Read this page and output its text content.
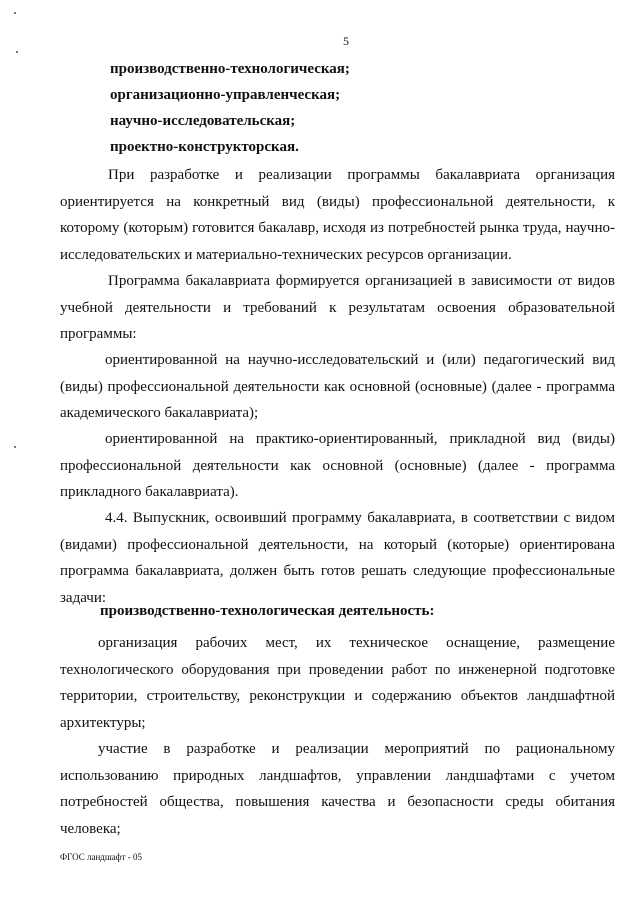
5
производственно-технологическая;
организационно-управленческая;
научно-исследовательская;
проектно-конструкторская.
При разработке и реализации программы бакалавриата организация ориентируется на конкретный вид (виды) профессиональной деятельности, к которому (которым) готовится бакалавр, исходя из потребностей рынка труда, научно-исследовательских и материально-технических ресурсов организации.
Программа бакалавриата формируется организацией в зависимости от видов учебной деятельности и требований к результатам освоения образовательной программы:
ориентированной на научно-исследовательский и (или) педагогический вид (виды) профессиональной деятельности как основной (основные) (далее - программа академического бакалавриата);
ориентированной на практико-ориентированный, прикладной вид (виды) профессиональной деятельности как основной (основные) (далее - программа прикладного бакалавриата).
4.4. Выпускник, освоивший программу бакалавриата, в соответствии с видом (видами) профессиональной деятельности, на который (которые) ориентирована программа бакалавриата, должен быть готов решать следующие профессиональные задачи:
производственно-технологическая деятельность:
организация рабочих мест, их техническое оснащение, размещение технологического оборудования при проведении работ по инженерной подготовке территории, строительству, реконструкции и содержанию объектов ландшафтной архитектуры;
участие в разработке и реализации мероприятий по рациональному использованию природных ландшафтов, управлении ландшафтами с учетом потребностей общества, повышения качества и безопасности среды обитания человека;
ФГОС ландшафт - 05
